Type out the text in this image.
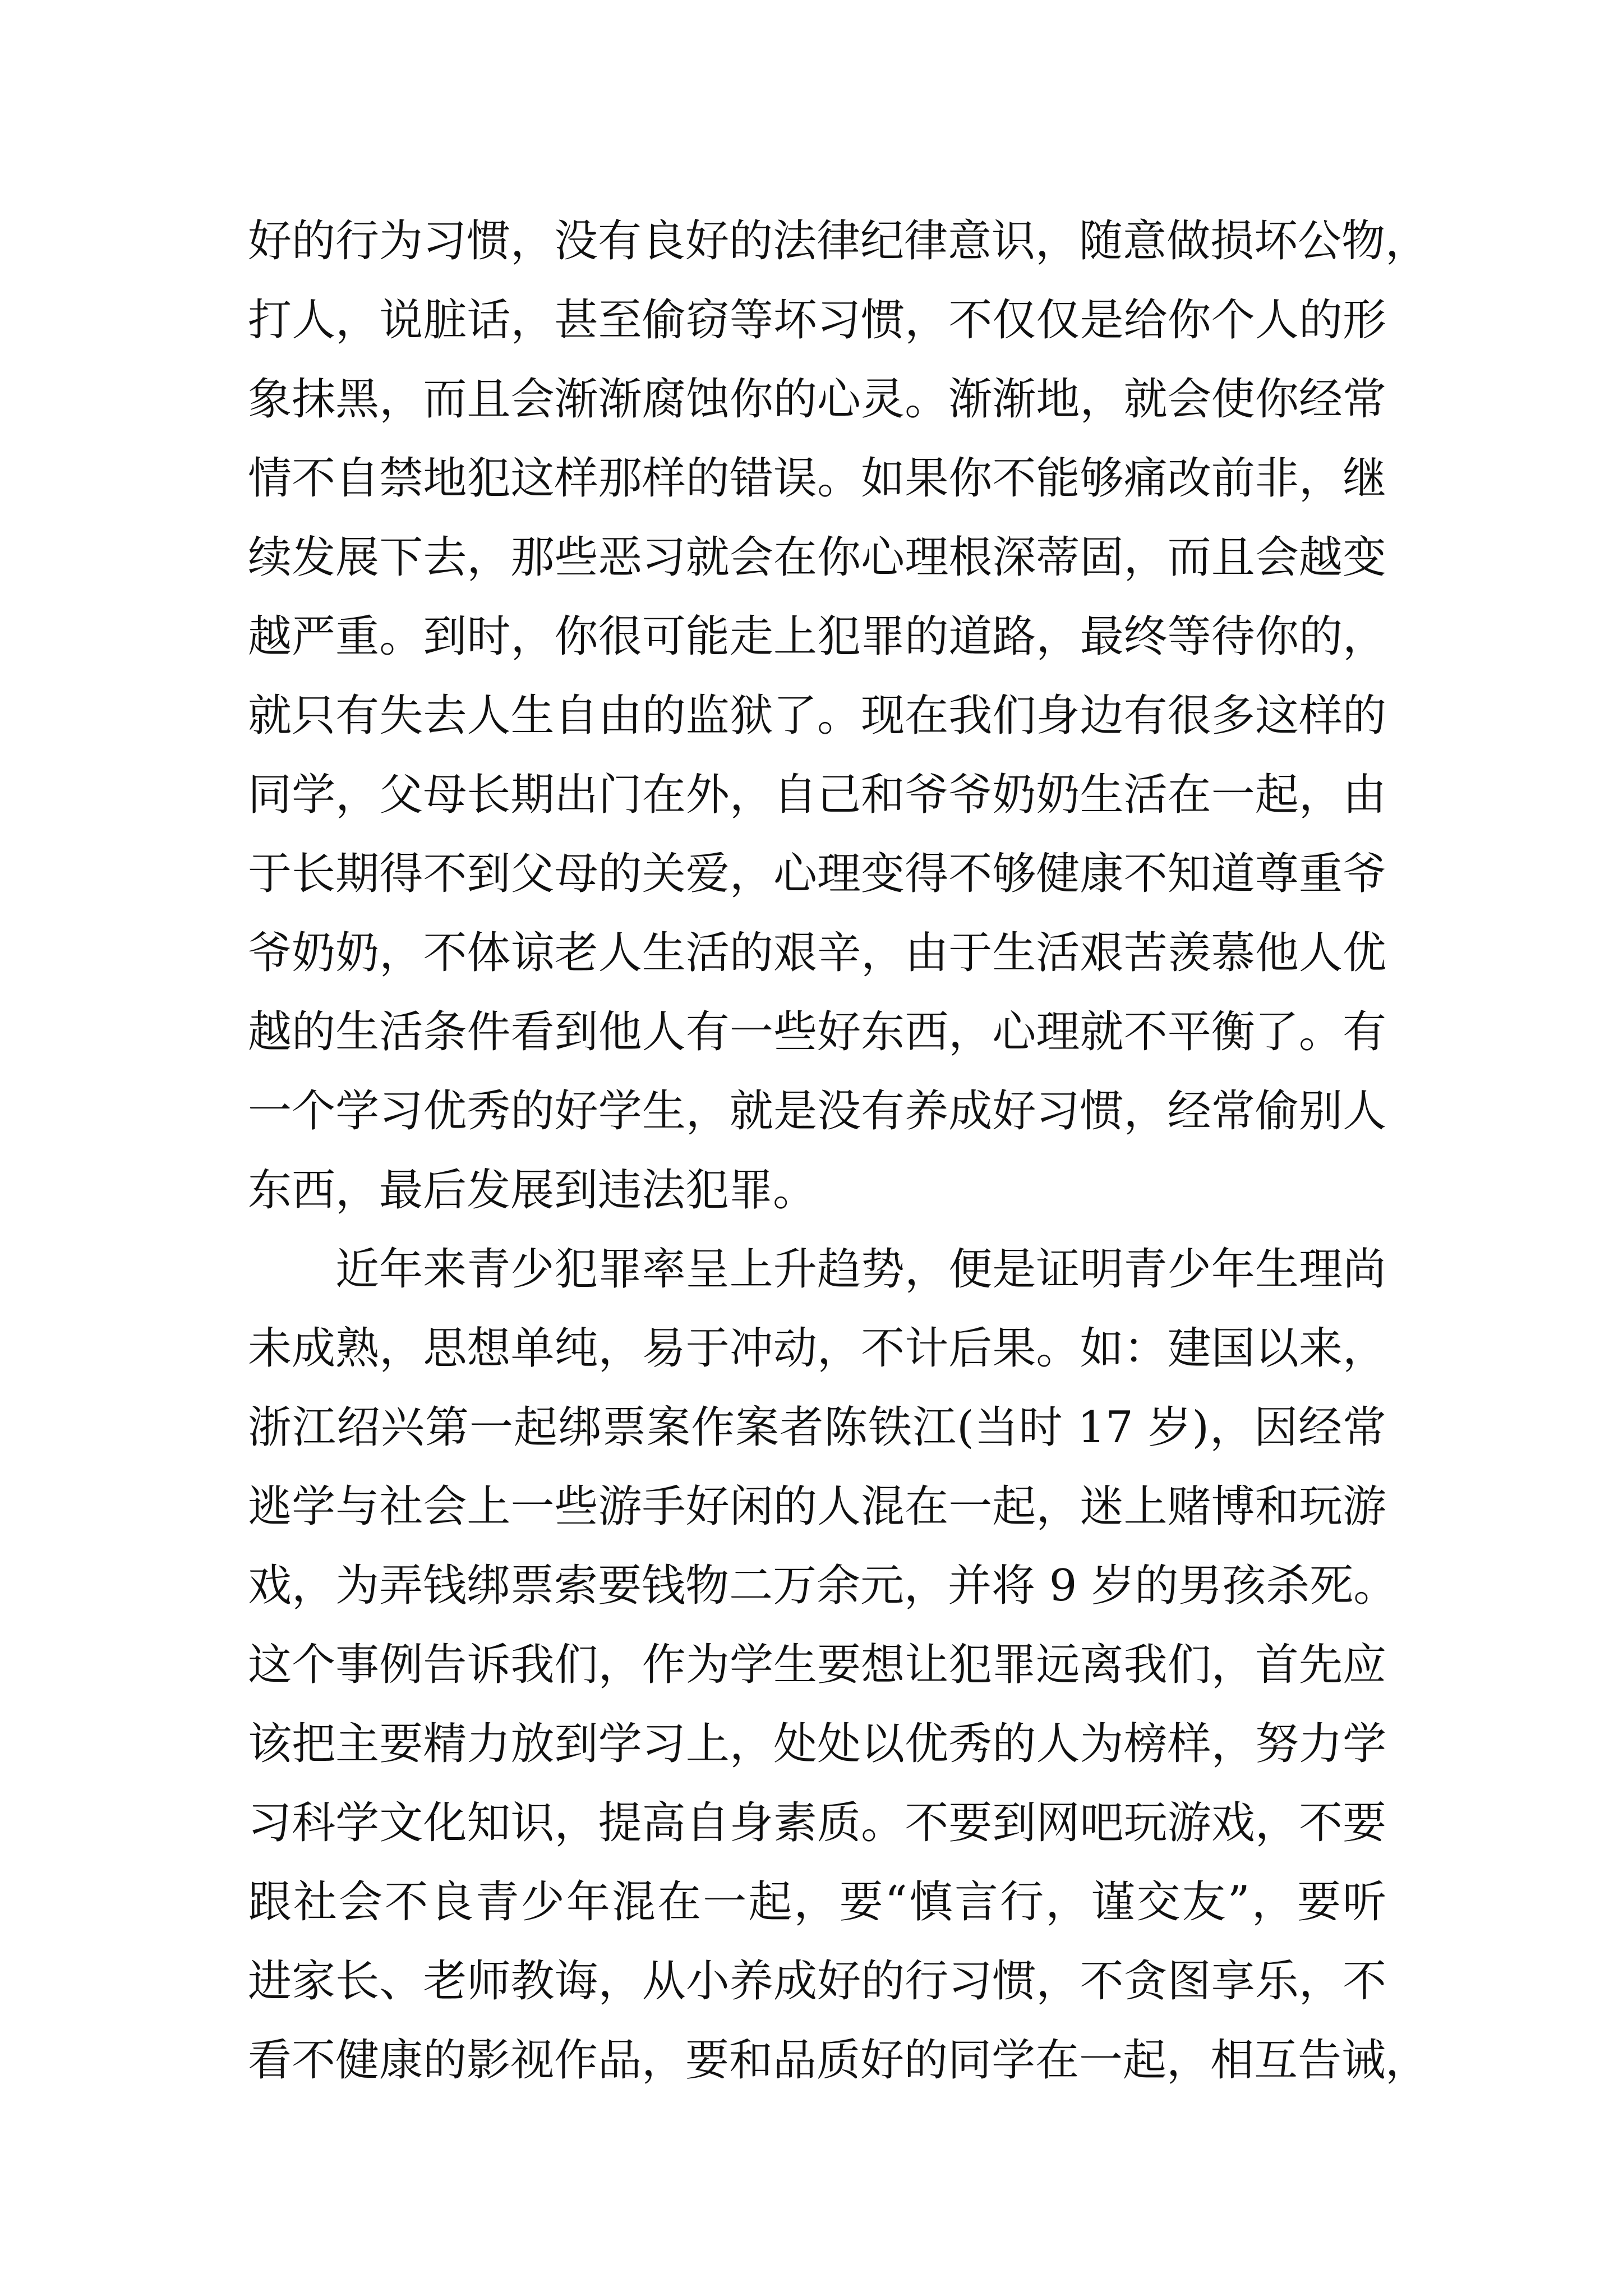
好的行为习惯，没有良好的法律纪律意识，随意做损坏公物，
打人，说脏话，甚至偷窃等坏习惯，不仅仅是给你个人的形
象抹黑，而且会渐渐腐蚀你的心灵。渐渐地，就会使你经常
情不自禁地犯这样那样的错误。如果你不能够痛改前非，继
续发展下去，那些恶习就会在你心理根深蒂固，而且会越变
越严重。到时，你很可能走上犯罪的道路，最终等待你的，
就只有失去人生自由的监狱了。现在我们身边有很多这样的
同学，父母长期出门在外，自己和爷爷奶奶生活在一起，由
于长期得不到父母的关爱，心理变得不够健康不知道尊重爷
爷奶奶，不体谅老人生活的艰辛，由于生活艰苦羡慕他人优
越的生活条件看到他人有一些好东西，心理就不平衡了。有
一个学习优秀的好学生，就是没有养成好习惯，经常偷别人
东西，最后发展到违法犯罪。
近年来青少犯罪率呈上升趋势，便是证明青少年生理尚
未成熟，思想单纯，易于冲动，不计后果。如：建国以来，
浙江绍兴第一起绑票案作案者陈铁江(当时 17 岁)，因经常
逃学与社会上一些游手好闲的人混在一起，迷上赌博和玩游
戏，为弄钱绑票索要钱物二万余元，并将 9 岁的男孩杀死。
这个事例告诉我们，作为学生要想让犯罪远离我们，首先应
该把主要精力放到学习上，处处以优秀的人为榜样，努力学
习科学文化知识，提高自身素质。不要到网吧玩游戏，不要
跟社会不良青少年混在一起，要“慎言行，谨交友”，要听
进家长、老师教诲，从小养成好的行习惯，不贪图享乐，不
看不健康的影视作品，要和品质好的同学在一起，相互告诫，
